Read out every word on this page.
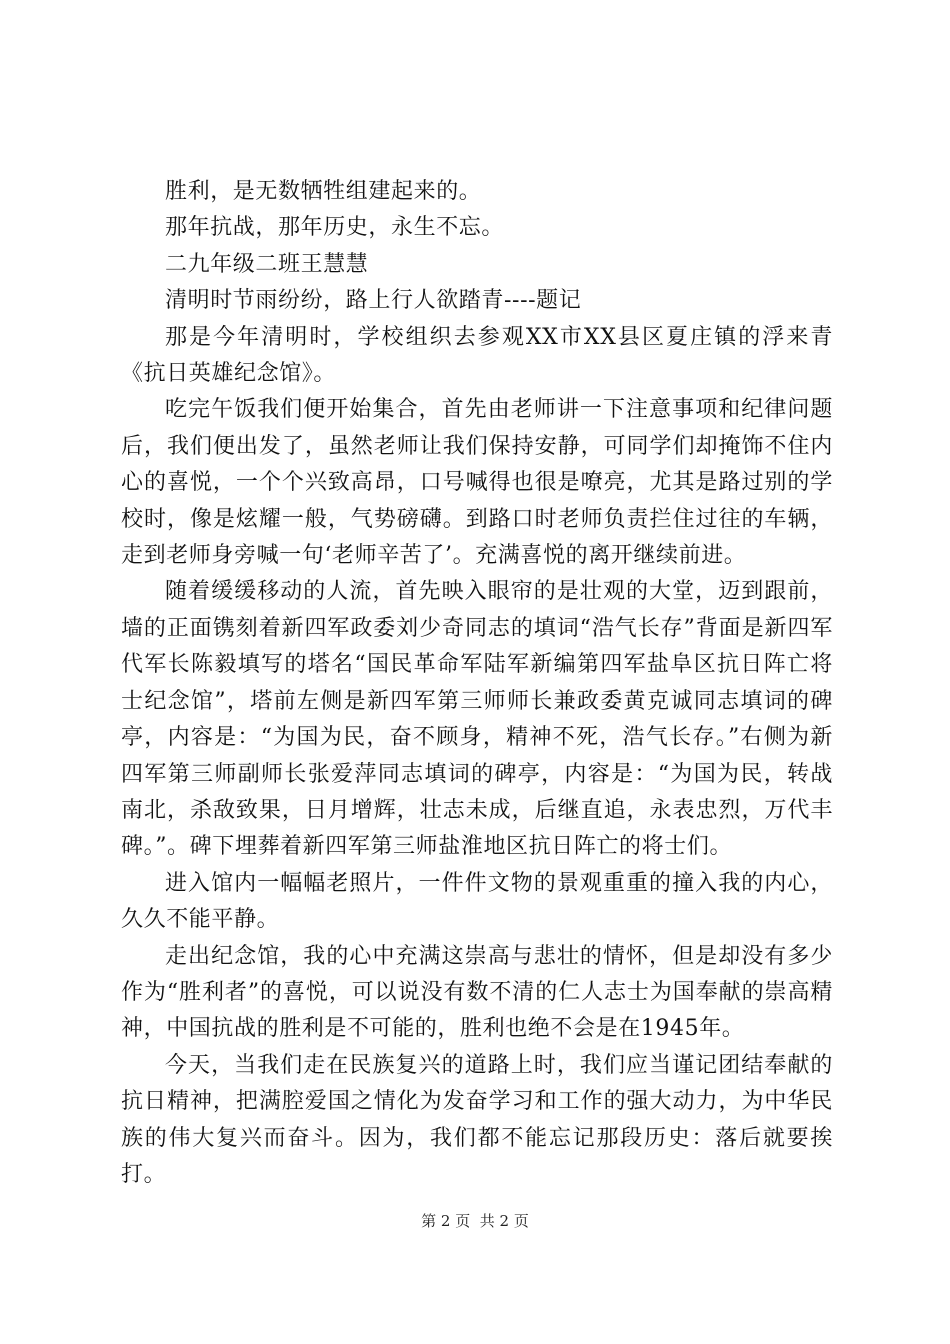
胜利，是无数牺牲组建起来的。

那年抗战，那年历史，永生不忘。

二九年级二班王慧慧

清明时节雨纷纷，路上行人欲踏青----题记

那是今年清明时，学校组织去参观XX市XX县区夏庄镇的浮来青《抗日英雄纪念馆》。

吃完午饭我们便开始集合，首先由老师讲一下注意事项和纪律问题后，我们便出发了，虽然老师让我们保持安静，可同学们却掩饰不住内心的喜悦，一个个兴致高昂，口号喊得也很是嘹亮，尤其是路过别的学校时，像是炫耀一般，气势磅礴。到路口时老师负责拦住过往的车辆，走到老师身旁喊一句‘老师辛苦了’。充满喜悦的离开继续前进。

随着缓缓移动的人流，首先映入眼帘的是壮观的大堂，迈到跟前，墙的正面镌刻着新四军政委刘少奇同志的填词“浩气长存”背面是新四军代军长陈毅填写的塔名“国民革命军陆军新编第四军盐阜区抗日阵亡将士纪念馆”，塔前左侧是新四军第三师师长兼政委黄克诚同志填词的碑亭，内容是：“为国为民，奋不顾身，精神不死，浩气长存。”右侧为新四军第三师副师长张爱萍同志填词的碑亭，内容是：“为国为民，转战南北，杀敌致果，日月增辉，壮志未成，后继直追，永表忠烈，万代丰碑。”。碑下埋葬着新四军第三师盐淮地区抗日阵亡的将士们。

进入馆内一幅幅老照片，一件件文物的景观重重的撞入我的内心，久久不能平静。

走出纪念馆，我的心中充满这崇高与悲壮的情怀，但是却没有多少作为“胜利者”的喜悦，可以说没有数不清的仁人志士为国奉献的崇高精神，中国抗战的胜利是不可能的，胜利也绝不会是在1945年。

今天，当我们走在民族复兴的道路上时，我们应当谨记团结奉献的抗日精神，把满腔爱国之情化为发奋学习和工作的强大动力，为中华民族的伟大复兴而奋斗。因为，我们都不能忘记那段历史：落后就要挨打。

第 2 页  共 2 页
